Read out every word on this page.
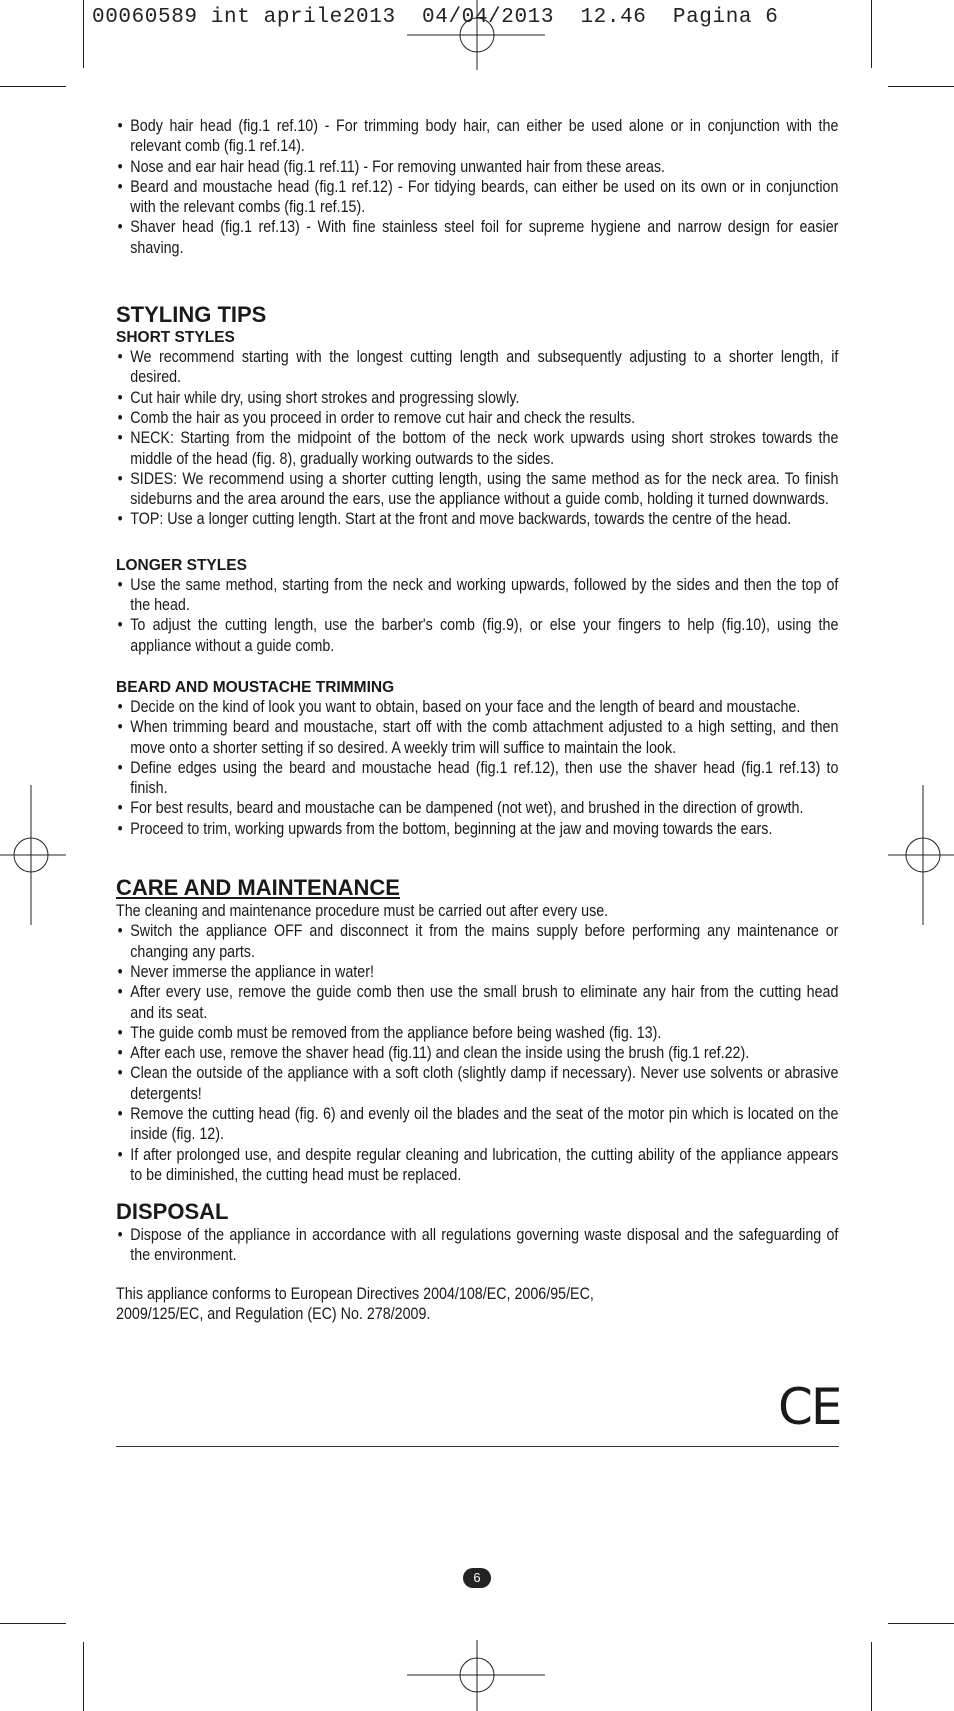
00060589 int aprile2013  04/04/2013  12.46  Pagina 6

• Body hair head (fig.1 ref.10) - For trimming body hair, can either be used alone or in conjunction with the relevant comb (fig.1 ref.14).
• Nose and ear hair head (fig.1 ref.11) - For removing unwanted hair from these areas.
• Beard and moustache head (fig.1 ref.12) - For tidying beards, can either be used on its own or in conjunction with the relevant combs (fig.1 ref.15).
• Shaver head (fig.1 ref.13) - With fine stainless steel foil for supreme hygiene and narrow design for easier shaving.
STYLING TIPS
SHORT STYLES
• We recommend starting with the longest cutting length and subsequently adjusting to a shorter length, if desired.
• Cut hair while dry, using short strokes and progressing slowly.
• Comb the hair as you proceed in order to remove cut hair and check the results.
• NECK: Starting from the midpoint of the bottom of the neck work upwards using short strokes towards the middle of the head (fig. 8), gradually working outwards to the sides.
• SIDES: We recommend using a shorter cutting length, using the same method as for the neck area. To finish sideburns and the area around the ears, use the appliance without a guide comb, holding it turned downwards.
• TOP: Use a longer cutting length. Start at the front and move backwards, towards the centre of the head.
LONGER STYLES
• Use the same method, starting from the neck and working upwards, followed by the sides and then the top of the head.
• To adjust the cutting length, use the barber's comb (fig.9), or else your fingers to help (fig.10), using the appliance without a guide comb.
BEARD AND MOUSTACHE TRIMMING
• Decide on the kind of look you want to obtain, based on your face and the length of beard and moustache.
• When trimming beard and moustache, start off with the comb attachment adjusted to a high setting, and then move onto a shorter setting if so desired. A weekly trim will suffice to maintain the look.
• Define edges using the beard and moustache head (fig.1 ref.12), then use the shaver head (fig.1 ref.13) to finish.
• For best results, beard and moustache can be dampened (not wet), and brushed in the direction of growth.
• Proceed to trim, working upwards from the bottom, beginning at the jaw and moving towards the ears.
CARE AND MAINTENANCE
The cleaning and maintenance procedure must be carried out after every use.
• Switch the appliance OFF and disconnect it from the mains supply before performing any maintenance or changing any parts.
• Never immerse the appliance in water!
• After every use, remove the guide comb then use the small brush to eliminate any hair from the cutting head and its seat.
• The guide comb must be removed from the appliance before being washed (fig. 13).
• After each use, remove the shaver head (fig.11) and clean the inside using the brush (fig.1 ref.22).
• Clean the outside of the appliance with a soft cloth (slightly damp if necessary). Never use solvents or abrasive detergents!
• Remove the cutting head (fig. 6) and evenly oil the blades and the seat of the motor pin which is located on the inside (fig. 12).
• If after prolonged use, and despite regular cleaning and lubrication, the cutting ability of the appliance appears to be diminished, the cutting head must be replaced.
DISPOSAL
• Dispose of the appliance in accordance with all regulations governing waste disposal and the safeguarding of the environment.
This appliance conforms to European Directives 2004/108/EC, 2006/95/EC,
2009/125/EC, and Regulation (EC) No. 278/2009.
CE
6
